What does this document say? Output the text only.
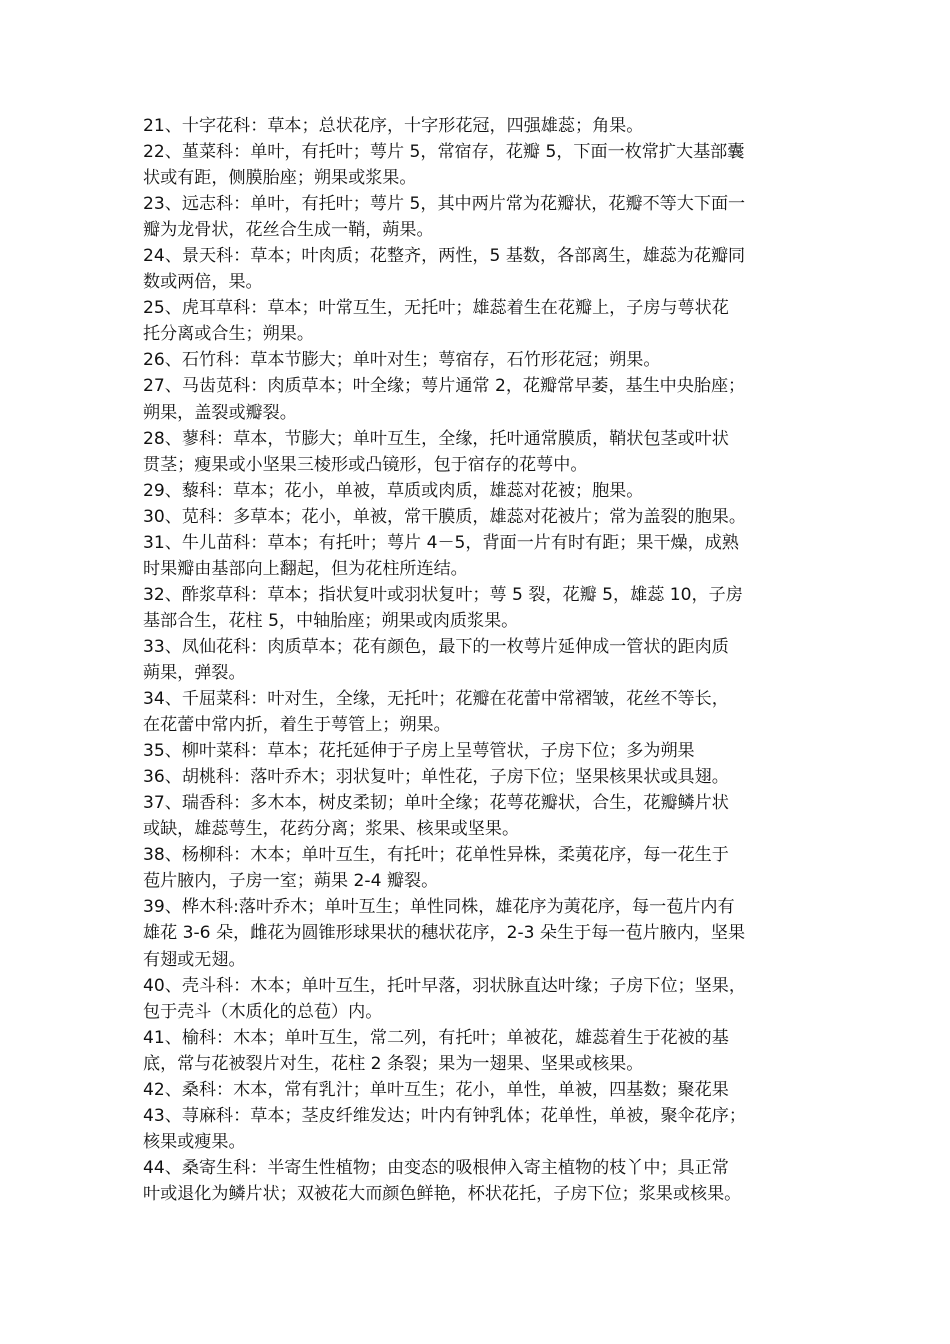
21、十字花科：草本；总状花序，十字形花冠，四强雄蕊；角果。
22、堇菜科：单叶，有托叶；萼片 5，常宿存，花瓣 5，下面一枚常扩大基部囊
状或有距，侧膜胎座；朔果或浆果。
23、远志科：单叶，有托叶；萼片 5，其中两片常为花瓣状，花瓣不等大下面一
瓣为龙骨状，花丝合生成一鞘，蒴果。
24、景天科：草本；叶肉质；花整齐，两性，5 基数，各部离生，雄蕊为花瓣同
数或两倍，果。
25、虎耳草科：草本；叶常互生，无托叶；雄蕊着生在花瓣上，子房与萼状花
托分离或合生；朔果。
26、石竹科：草本节膨大；单叶对生；萼宿存，石竹形花冠；朔果。
27、马齿苋科：肉质草本；叶全缘；萼片通常 2，花瓣常早萎，基生中央胎座；
朔果，盖裂或瓣裂。
28、蓼科：草本，节膨大；单叶互生，全缘，托叶通常膜质，鞘状包茎或叶状
贯茎；瘦果或小坚果三棱形或凸镜形，包于宿存的花萼中。
29、藜科：草本；花小，单被，草质或肉质，雄蕊对花被；胞果。
30、苋科：多草本；花小，单被，常干膜质，雄蕊对花被片；常为盖裂的胞果。
31、牛儿苗科：草本；有托叶；萼片 4－5，背面一片有时有距；果干燥，成熟
时果瓣由基部向上翻起，但为花柱所连结。
32、酢浆草科：草本；指状复叶或羽状复叶；萼 5 裂，花瓣 5，雄蕊 10，子房
基部合生，花柱 5，中轴胎座；朔果或肉质浆果。
33、凤仙花科：肉质草本；花有颜色，最下的一枚萼片延伸成一管状的距肉质
蒴果，弹裂。
34、千屈菜科：叶对生，全缘，无托叶；花瓣在花蕾中常褶皱，花丝不等长，
在花蕾中常内折，着生于萼管上；朔果。
35、柳叶菜科：草本；花托延伸于子房上呈萼管状，子房下位；多为朔果
36、胡桃科：落叶乔木；羽状复叶；单性花，子房下位；坚果核果状或具翅。
37、瑞香科：多木本，树皮柔韧；单叶全缘；花萼花瓣状，合生，花瓣鳞片状
或缺，雄蕊萼生，花药分离；浆果、核果或坚果。
38、杨柳科：木本；单叶互生，有托叶；花单性异株，柔荑花序，每一花生于
苞片腋内，子房一室；蒴果 2-4 瓣裂。
39、桦木科:落叶乔木；单叶互生；单性同株，雄花序为荑花序，每一苞片内有
雄花 3-6 朵，雌花为圆锥形球果状的穗状花序，2-3 朵生于每一苞片腋内，坚果
有翅或无翅。
40、壳斗科：木本；单叶互生，托叶早落，羽状脉直达叶缘；子房下位；坚果，
包于壳斗（木质化的总苞）内。
41、榆科：木本；单叶互生，常二列，有托叶；单被花，雄蕊着生于花被的基
底，常与花被裂片对生，花柱 2 条裂；果为一翅果、坚果或核果。
42、桑科：木本，常有乳汁；单叶互生；花小，单性，单被，四基数；聚花果
43、荨麻科：草本；茎皮纤维发达；叶内有钟乳体；花单性，单被，聚伞花序；
核果或瘦果。
44、桑寄生科：半寄生性植物；由变态的吸根伸入寄主植物的枝丫中；具正常
叶或退化为鳞片状；双被花大而颜色鲜艳，杯状花托，子房下位；浆果或核果。
